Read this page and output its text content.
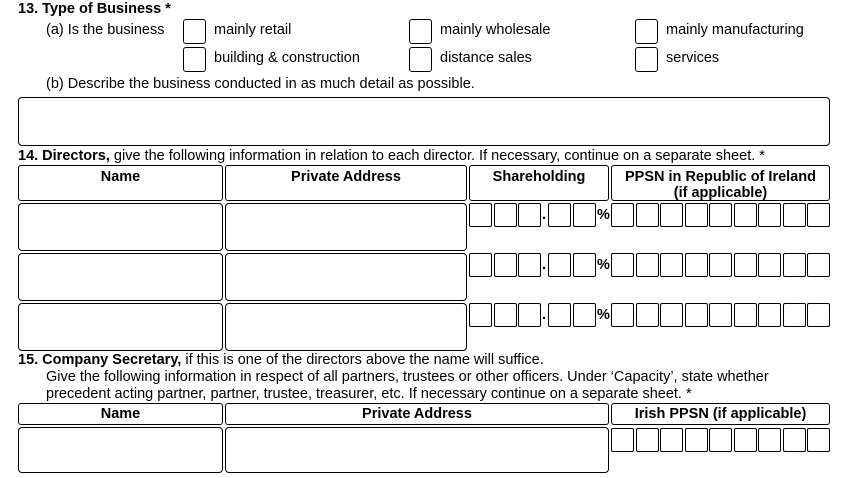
13. Type of Business *
(a) Is the business	mainly retail	mainly wholesale	mainly manufacturing
building & construction	distance sales	services
(b) Describe the business conducted in as much detail as possible.
14. Directors, give the following information in relation to each director. If necessary, continue on a separate sheet. *
Name	Private Address	Shareholding	PPSN in Republic of Ireland
(if applicable)
.	%
.	%
.	%
15. Company Secretary, if this is one of the directors above the name will suffice.
Give the following information in respect of all partners, trustees or other officers. Under ‘Capacity’, state whether
precedent acting partner, partner, trustee, treasurer, etc. If necessary continue on a separate sheet. *
Name	Private Address	Irish PPSN (if applicable)
